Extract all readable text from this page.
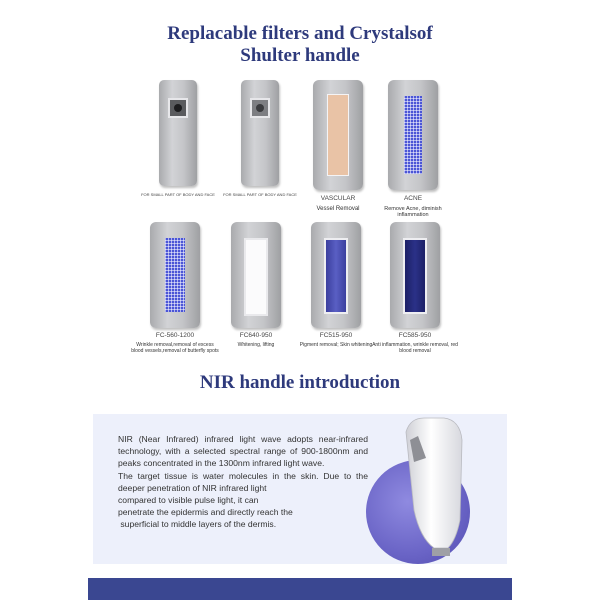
Replacable filters and Crystalsof
Shulter handle
FOR SMALL PART OF BODY AND FACE	FOR SMALL PART OF BODY AND FACE
VASCULAR
Vessel Removal
ACNE
Remove Acne, diminish inflammation
FC-560-1200
Wrinkle removal,removal of excess blood vessels,removal of butterfly spots
FC640-950
Whitening, lifting
FC515-950
Pigment removal; Skin whitening
FC585-950
Anti inflammation, wrinkle removal, red blood removal
NIR handle introduction

NIR (Near Infrared) infrared light wave adopts near-infrared technology, with a selected spectral range of 900-1800nm and peaks concentrated in the 1300nm infrared light wave.

The target tissue is water molecules in the skin. Due to the deeper penetration of NIR infrared light

compared to visible pulse light, it can

penetrate the epidermis and directly reach the

superficial to middle layers of the dermis.
